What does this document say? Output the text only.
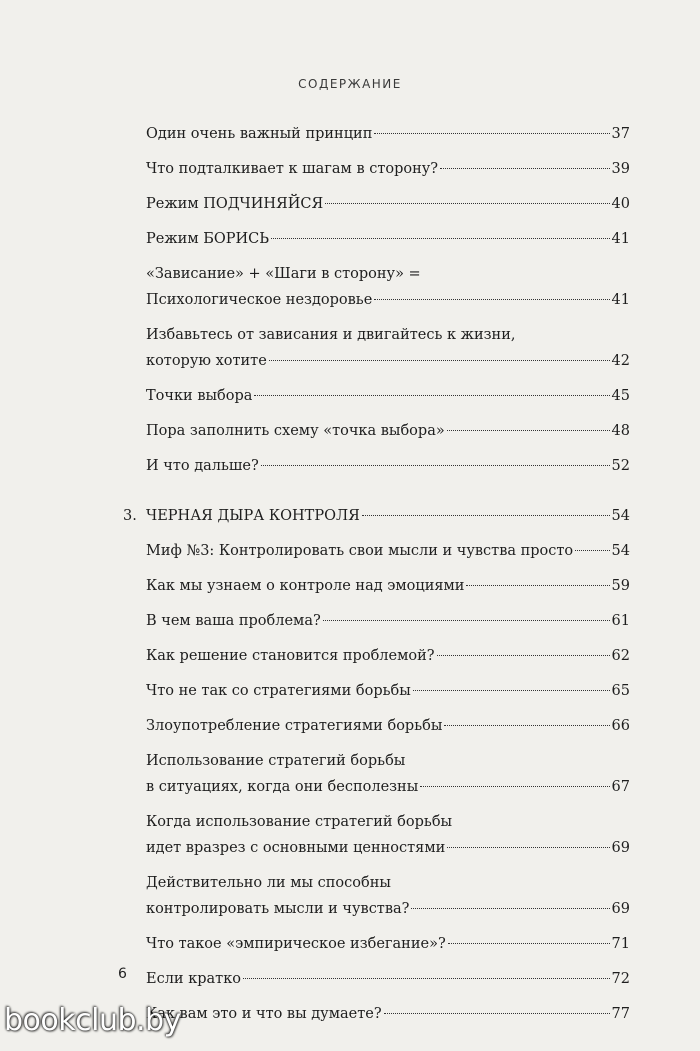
СОДЕРЖАНИЕ
Один очень важный принцип	37
Что подталкивает к шагам в сторону?	39
Режим ПОДЧИНЯЙСЯ	40
Режим БОРИСЬ	41
«Зависание» + «Шаги в сторону» =
Психологическое нездоровье	41
Избавьтесь от зависания и двигайтесь к жизни,
которую хотите	42
Точки выбора	45
Пора заполнить схему «точка выбора»	48
И что дальше?	52
3. ЧЕРНАЯ ДЫРА КОНТРОЛЯ	54
Миф №3: Контролировать свои мысли и чувства просто	54
Как мы узнаем о контроле над эмоциями	59
В чем ваша проблема?	61
Как решение становится проблемой?	62
Что не так со стратегиями борьбы	65
Злоупотребление стратегиями борьбы	66
Использование стратегий борьбы
в ситуациях, когда они бесполезны	67
Когда использование стратегий борьбы
идет вразрез с основными ценностями	69
Действительно ли мы способны
контролировать мысли и чувства?	69
Что такое «эмпирическое избегание»?	71
Если кратко	72
Как вам это и что вы думаете?	77
6
bookclub.by
